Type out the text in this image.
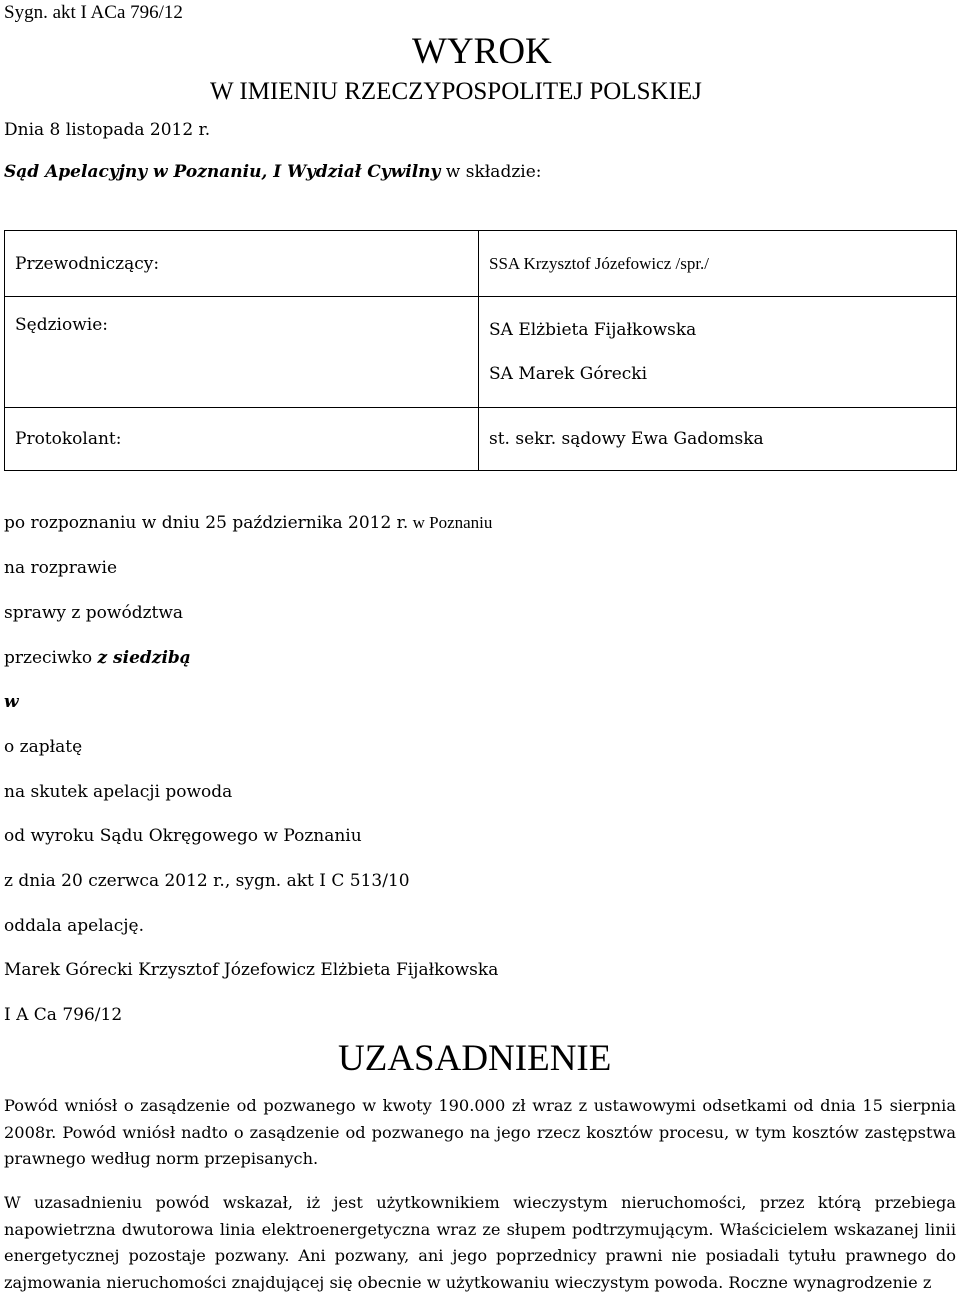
Sygn. akt I ACa 796/12
WYROK
W IMIENIU RZECZYPOSPOLITEJ POLSKIEJ
Dnia 8 listopada 2012 r.
Sąd Apelacyjny w Poznaniu, I Wydział Cywilny w składzie:
Przewodniczący:	SSA Krzysztof Józefowicz /spr./
Sędziowie:	SA Elżbieta Fijałkowska
SA Marek Górecki

Protokolant:	st. sekr. sądowy Ewa Gadomska
po rozpoznaniu w dniu 25 października 2012 r. w Poznaniu
na rozprawie
sprawy z powództwa
przeciwko z siedzibą
w
o zapłatę
na skutek apelacji powoda
od wyroku Sądu Okręgowego w Poznaniu
z dnia 20 czerwca 2012 r., sygn. akt I C 513/10
oddala apelację.
Marek Górecki Krzysztof Józefowicz Elżbieta Fijałkowska
I A Ca 796/12
UZASADNIENIE
Powód wniósł o zasądzenie od pozwanego w kwoty 190.000 zł wraz z ustawowymi odsetkami od dnia 15 sierpnia 2008r. Powód wniósł nadto o zasądzenie od pozwanego na jego rzecz kosztów procesu, w tym kosztów zastępstwa prawnego według norm przepisanych.
W uzasadnieniu powód wskazał, iż jest użytkownikiem wieczystym nieruchomości, przez którą przebiega napowietrzna dwutorowa linia elektroenergetyczna wraz ze słupem podtrzymującym. Właścicielem wskazanej linii energetycznej pozostaje pozwany. Ani pozwany, ani jego poprzednicy prawni nie posiadali tytułu prawnego do zajmowania nieruchomości znajdującej się obecnie w użytkowaniu wieczystym powoda. Roczne wynagrodzenie z
